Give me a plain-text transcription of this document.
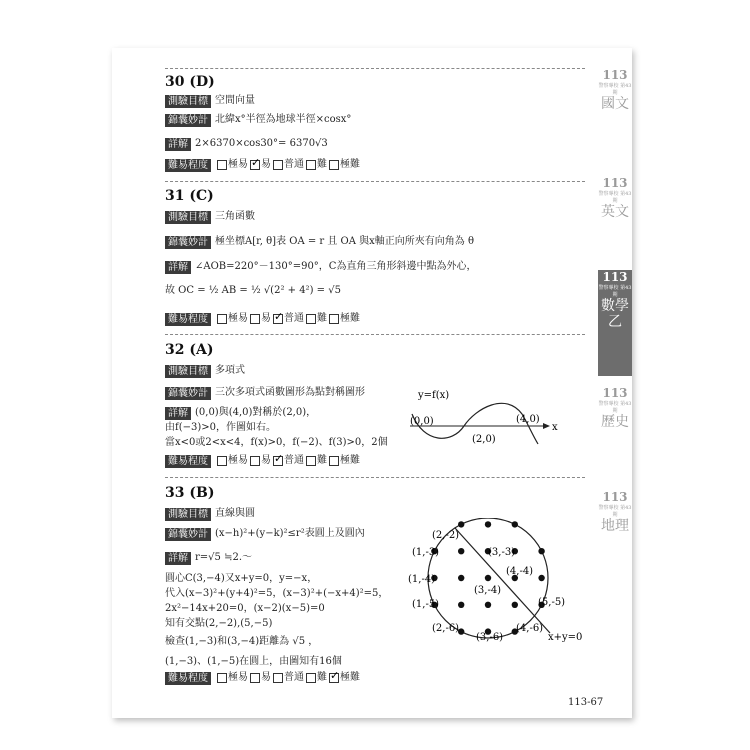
30 (D)
測驗目標 空間向量
錦囊妙計 北緯x°半徑為地球半徑×cosx°
詳解 2×6370×cos30°= 6370√3
難易程度 極易 ✓ 易 普通 難 極難
31 (C)
測驗目標 三角函數
錦囊妙計 極坐標A[r, θ]表 OA = r 且 OA 與x軸正向所夾有向角為 θ
詳解 ∠AOB=220°－130°=90°，C為直角三角形斜邊中點為外心，
故 OC = ½ AB = ½ √(2² + 4²) = √5
難易程度 極易 易 ✓ 普通 難 極難
32 (A)
測驗目標 多項式
錦囊妙計 三次多項式函數圖形為點對稱圖形
詳解 (0,0)與(4,0)對稱於(2,0)，
由f(−3)>0，作圖如右。
當x<0或2<x<4，f(x)>0，f(−2)、f(3)>0，2個
難易程度 極易 易 ✓ 普通 難 極難
y=f(x)
x
(0,0)
(2,0)
(4,0)
33 (B)
測驗目標 直線與圓
錦囊妙計 (x−h)²+(y−k)²≤r²表圓上及圓內
詳解 r=√5 ≒2.～
圓心C(3,−4)又x+y=0，y=−x，
代入(x−3)²+(y+4)²=5，(x−3)²+(−x+4)²=5，
2x²−14x+20=0，(x−2)(x−5)=0
知有交點(2,−2),(5,−5)
檢查(1,−3)和(3,−4)距離為 √5 ，
(1,−3)、(1,−5)在圓上，由圖知有16個
難易程度 極易 易 普通 難 ✓ 極難
x+y=0
(2,-2)
(1,-3)	(3,-3)
(4,-4)
(1,-4)
(3,-4)
(1,-5)	(5,-5)
(2,-6)
(3,-6)
(4,-6)
113
警察專校 第43期
國文
113
警察專校 第43期
英文
113
警察專校 第43期
數學乙
113
警察專校 第43期
歷史
113
警察專校 第43期
地理
113-67
